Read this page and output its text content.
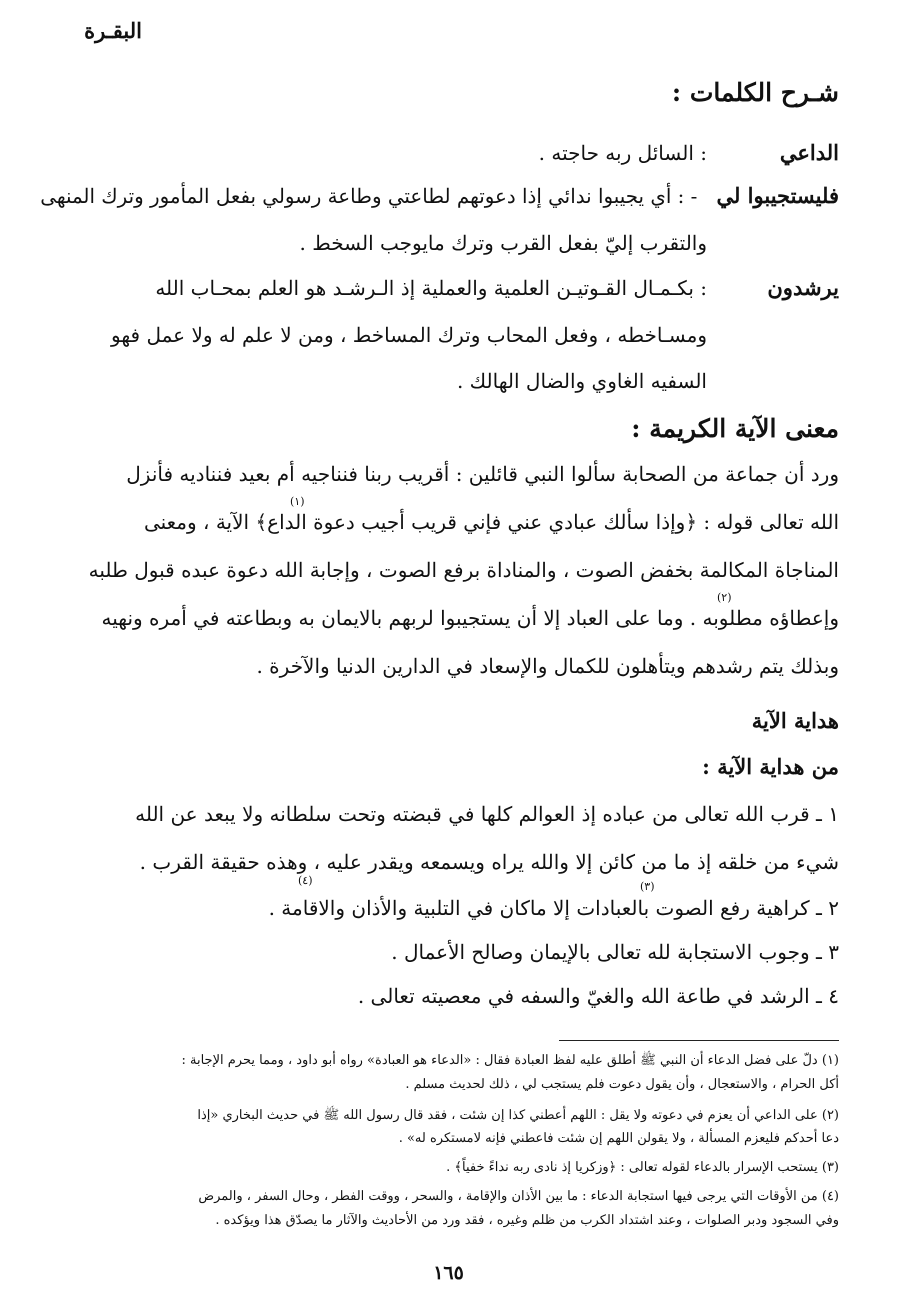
البقـرة
شـرح الكلمات :
الداعي
: السائل ربه حاجته .
فليستجيبوا لي
- : أي يجيبوا ندائي إذا دعوتهم لطاعتي وطاعة رسولي بفعل المأمور وترك المنهى
والتقرب إليّ بفعل القرب وترك مايوجب السخط .
يرشدون
: بكـمـال القـوتيـن العلمية والعملية إذ الـرشـد هو العلم بمحـاب الله
ومسـاخطه ، وفعل المحاب وترك المساخط ، ومن لا علم له ولا عمل فهو
السفيه الغاوي والضال الهالك .
معنى الآية الكريمة :
ورد أن جماعة من الصحابة سألوا النبي قائلين : أقريب ربنا فنناجيه أم بعيد فنناديه فأنزل
الله تعالى قوله : ﴿وإذا سألك عبادي عني فإني قريب أجيب دعوة الداع﴾ الآية ، ومعنى
المناجاة المكالمة بخفض الصوت ، والمناداة برفع الصوت ، وإجابة الله دعوة عبده قبول طلبه
وإعطاؤه مطلوبه . وما على العباد إلا أن يستجيبوا لربهم بالايمان به وبطاعته في أمره ونهيه
وبذلك يتم رشدهم ويتأهلون للكمال والإسعاد في الدارين الدنيا والآخرة .
(١)
(٢)
(٣)
(٤)
هداية الآية
من هداية الآية :
١ ـ قرب الله تعالى من عباده إذ العوالم كلها في قبضته وتحت سلطانه ولا يبعد عن الله
شيء من خلقه إذ ما من كائن إلا والله يراه ويسمعه ويقدر عليه ، وهذه حقيقة القرب .
٢ ـ كراهية رفع الصوت بالعبادات إلا ماكان في التلبية والأذان والاقامة .
٣ ـ وجوب الاستجابة لله تعالى بالإيمان وصالح الأعمال .
٤ ـ الرشد في طاعة الله والغيّ والسفه في معصيته تعالى .
(١) دلّ على فضل الدعاء أن النبي ﷺ أطلق عليه لفظ العبادة فقال : «الدعاء هو العبادة» رواه أبو داود ، ومما يحرم الإجابة :
أكل الحرام ، والاستعجال ، وأن يقول دعوت فلم يستجب لي ، ذلك لحديث مسلم .
(٢) على الداعي أن يعزم في دعوته ولا يقل : اللهم أعطني كذا إن شئت ، فقد قال رسول الله ﷺ في حديث البخاري «إذا
دعا أحدكم فليعزم المسألة ، ولا يقولن اللهم إن شئت فاعطني فإنه لامستكره له» .
(٣) يستحب الإسرار بالدعاء لقوله تعالى : ﴿وزكريا إذ نادى ربه نداءً خفياً﴾ .
(٤) من الأوقات التي يرجى فيها استجابة الدعاء : ما بين الأذان والإقامة ، والسحر ، ووقت الفطر ، وحال السفر ، والمرض
وفي السجود ودبر الصلوات ، وعند اشتداد الكرب من ظلم وغيره ، فقد ورد من الأحاديث والآثار ما يصدّق هذا ويؤكده .
١٦٥
